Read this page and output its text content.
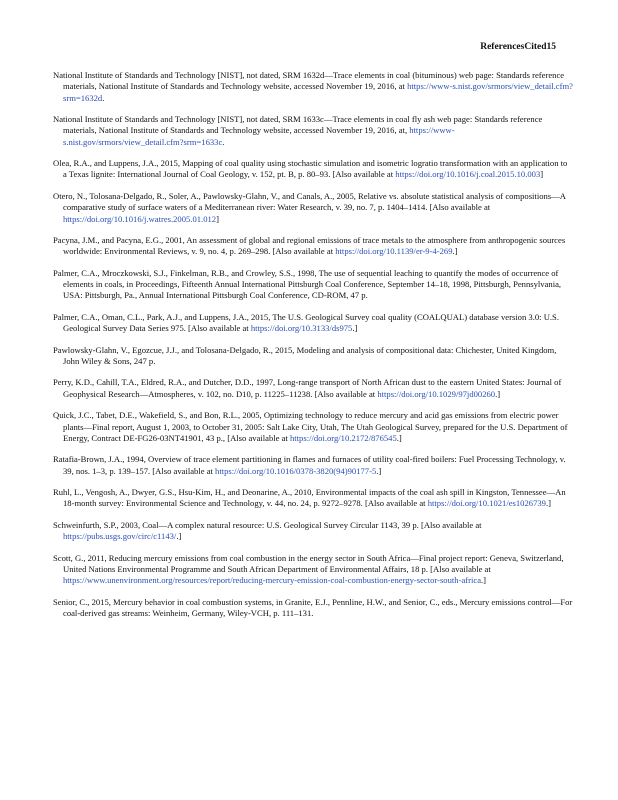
ReferencesCited15

National Institute of Standards and Technology [NIST], not dated, SRM 1632d—Trace elements in coal (bituminous) web page: Standards reference materials, National Institute of Standards and Technology website, accessed November 19, 2016, at https://www-s.nist.gov/srmors/view_detail.cfm?srm=1632d.

National Institute of Standards and Technology [NIST], not dated, SRM 1633c—Trace elements in coal fly ash web page: Standards reference materials, National Institute of Standards and Technology website, accessed November 19, 2016, at, https://www-s.nist.gov/srmors/view_detail.cfm?srm=1633c.

Olea, R.A., and Luppens, J.A., 2015, Mapping of coal quality using stochastic simulation and isometric logratio transformation with an application to a Texas lignite: International Journal of Coal Geology, v. 152, pt. B, p. 80–93. [Also available at https://doi.org/10.1016/j.coal.2015.10.003]

Otero, N., Tolosana-Delgado, R., Soler, A., Pawlowsky-Glahn, V., and Canals, A., 2005, Relative vs. absolute statistical analysis of compositions—A comparative study of surface waters of a Mediterranean river: Water Research, v. 39, no. 7, p. 1404–1414. [Also available at https://doi.org/10.1016/j.watres.2005.01.012]

Pacyna, J.M., and Pacyna, E.G., 2001, An assessment of global and regional emissions of trace metals to the atmosphere from anthropogenic sources worldwide: Environmental Reviews, v. 9, no. 4, p. 269–298. [Also available at https://doi.org/10.1139/er-9-4-269.]

Palmer, C.A., Mroczkowski, S.J., Finkelman, R.B., and Crowley, S.S., 1998, The use of sequential leaching to quantify the modes of occurrence of elements in coals, in Proceedings, Fifteenth Annual International Pittsburgh Coal Conference, September 14–18, 1998, Pittsburgh, Pennsylvania, USA: Pittsburgh, Pa., Annual International Pittsburgh Coal Conference, CD-ROM, 47 p.

Palmer, C.A., Oman, C.L., Park, A.J., and Luppens, J.A., 2015, The U.S. Geological Survey coal quality (COALQUAL) database version 3.0: U.S. Geological Survey Data Series 975. [Also available at https://doi.org/10.3133/ds975.]

Pawlowsky-Glahn, V., Egozcue, J.J., and Tolosana-Delgado, R., 2015, Modeling and analysis of compositional data: Chichester, United Kingdom, John Wiley & Sons, 247 p.

Perry, K.D., Cahill, T.A., Eldred, R.A., and Dutcher, D.D., 1997, Long-range transport of North African dust to the eastern United States: Journal of Geophysical Research—Atmospheres, v. 102, no. D10, p. 11225–11238. [Also available at https://doi.org/10.1029/97jd00260.]

Quick, J.C., Tabet, D.E., Wakefield, S., and Bon, R.L., 2005, Optimizing technology to reduce mercury and acid gas emissions from electric power plants—Final report, August 1, 2003, to October 31, 2005: Salt Lake City, Utah, The Utah Geological Survey, prepared for the U.S. Department of Energy, Contract DE-FG26-03NT41901, 43 p., [Also available at https://doi.org/10.2172/876545.]

Ratafia-Brown, J.A., 1994, Overview of trace element partitioning in flames and furnaces of utility coal-fired boilers: Fuel Processing Technology, v. 39, nos. 1–3, p. 139–157. [Also available at https://doi.org/10.1016/0378-3820(94)90177-5.]

Ruhl, L., Vengosh, A., Dwyer, G.S., Hsu-Kim, H., and Deonarine, A., 2010, Environmental impacts of the coal ash spill in Kingston, Tennessee—An 18-month survey: Environmental Science and Technology, v. 44, no. 24, p. 9272–9278. [Also available at https://doi.org/10.1021/es1026739.]

Schweinfurth, S.P., 2003, Coal—A complex natural resource: U.S. Geological Survey Circular 1143, 39 p. [Also available at https://pubs.usgs.gov/circ/c1143/.]

Scott, G., 2011, Reducing mercury emissions from coal combustion in the energy sector in South Africa—Final project report: Geneva, Switzerland, United Nations Environmental Programme and South African Department of Environmental Affairs, 18 p. [Also available at https://www.unenvironment.org/resources/report/reducing-mercury-emission-coal-combustion-energy-sector-south-africa.]

Senior, C., 2015, Mercury behavior in coal combustion systems, in Granite, E.J., Pennline, H.W., and Senior, C., eds., Mercury emissions control—For coal-derived gas streams: Weinheim, Germany, Wiley-VCH, p. 111–131.
